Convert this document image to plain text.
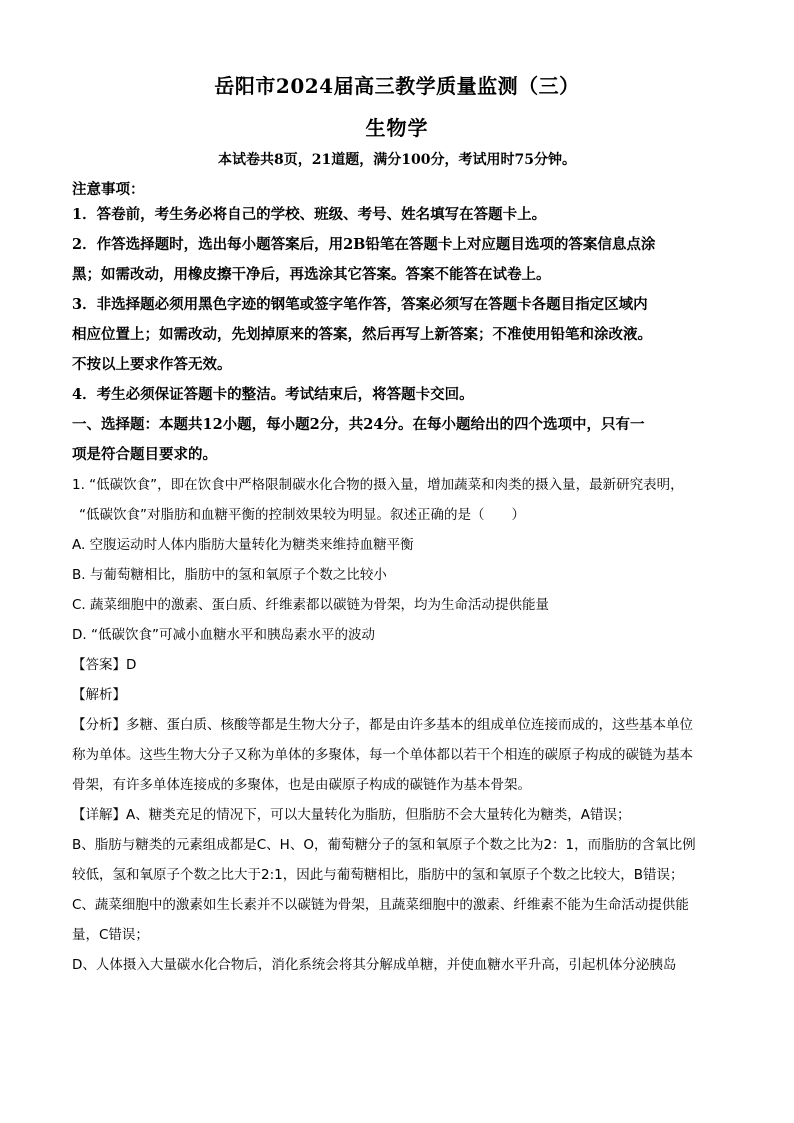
岳阳市2024届高三教学质量监测（三）
生物学
本试卷共8页，21道题，满分100分，考试用时75分钟。
注意事项：

1．答卷前，考生务必将自己的学校、班级、考号、姓名填写在答题卡上。

2．作答选择题时，选出每小题答案后，用2B铅笔在答题卡上对应题目选项的答案信息点涂

黑；如需改动，用橡皮擦干净后，再选涂其它答案。答案不能答在试卷上。

3．非选择题必须用黑色字迹的钢笔或签字笔作答，答案必须写在答题卡各题目指定区域内

相应位置上；如需改动，先划掉原来的答案，然后再写上新答案；不准使用铅笔和涂改液。

不按以上要求作答无效。

4．考生必须保证答题卡的整洁。考试结束后，将答题卡交回。

一、选择题：本题共12小题，每小题2分，共24分。在每小题给出的四个选项中，只有一

项是符合题目要求的。

1. “低碳饮食”，即在饮食中严格限制碳水化合物的摄入量，增加蔬菜和肉类的摄入量，最新研究表明，

“低碳饮食”对脂肪和血糖平衡的控制效果较为明显。叙述正确的是（　　）

A. 空腹运动时人体内脂肪大量转化为糖类来维持血糖平衡

B. 与葡萄糖相比，脂肪中的氢和氧原子个数之比较小

C. 蔬菜细胞中的激素、蛋白质、纤维素都以碳链为骨架，均为生命活动提供能量

D. “低碳饮食”可减小血糖水平和胰岛素水平的波动

【答案】D

【解析】

【分析】多糖、蛋白质、核酸等都是生物大分子，都是由许多基本的组成单位连接而成的，这些基本单位

称为单体。这些生物大分子又称为单体的多聚体，每一个单体都以若干个相连的碳原子构成的碳链为基本

骨架，有许多单体连接成的多聚体，也是由碳原子构成的碳链作为基本骨架。

【详解】A、糖类充足的情况下，可以大量转化为脂肪，但脂肪不会大量转化为糖类，A错误；

B、脂肪与糖类的元素组成都是C、H、O，葡萄糖分子的氢和氧原子个数之比为2：1，而脂肪的含氧比例

较低，氢和氧原子个数之比大于2:1，因此与葡萄糖相比，脂肪中的氢和氧原子个数之比较大，B错误；

C、蔬菜细胞中的激素如生长素并不以碳链为骨架，且蔬菜细胞中的激素、纤维素不能为生命活动提供能

量，C错误；

D、人体摄入大量碳水化合物后，消化系统会将其分解成单糖，并使血糖水平升高，引起机体分泌胰岛
